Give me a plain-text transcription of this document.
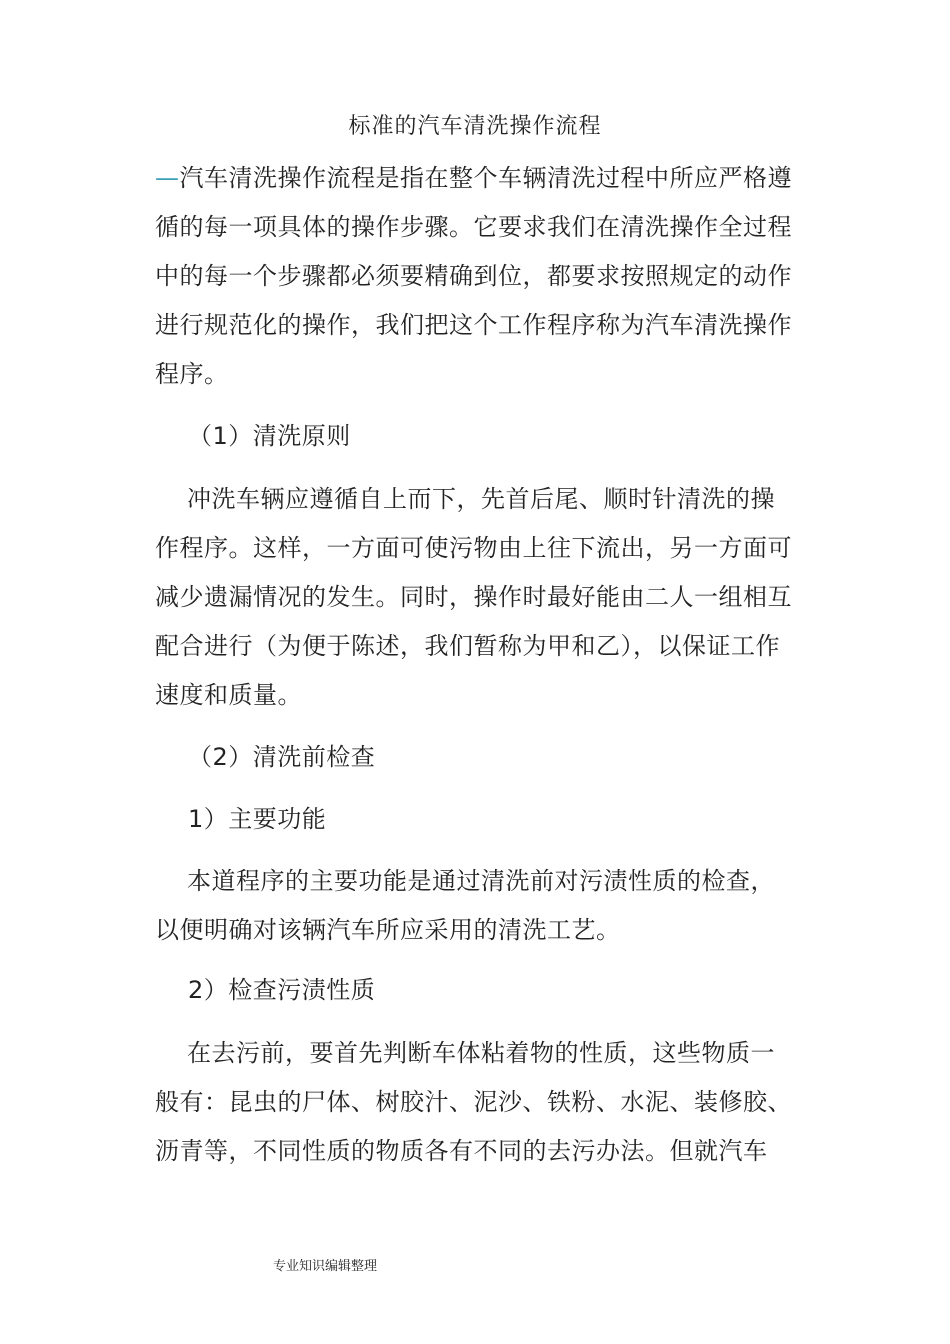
标准的汽车清洗操作流程

—汽车清洗操作流程是指在整个车辆清洗过程中所应严格遵循的每一项具体的操作步骤。它要求我们在清洗操作全过程中的每一个步骤都必须要精确到位，都要求按照规定的动作进行规范化的操作，我们把这个工作程序称为汽车清洗操作程序。

（1）清洗原则

冲洗车辆应遵循自上而下，先首后尾、顺时针清洗的操作程序。这样，一方面可使污物由上往下流出，另一方面可减少遗漏情况的发生。同时，操作时最好能由二人一组相互配合进行（为便于陈述，我们暂称为甲和乙），以保证工作速度和质量。

（2）清洗前检查

1）主要功能

本道程序的主要功能是通过清洗前对污渍性质的检查，以便明确对该辆汽车所应采用的清洗工艺。

2）检查污渍性质

在去污前，要首先判断车体粘着物的性质，这些物质一般有：昆虫的尸体、树胶汁、泥沙、铁粉、水泥、装修胶、沥青等，不同性质的物质各有不同的去污办法。但就汽车

专业知识编辑整理
